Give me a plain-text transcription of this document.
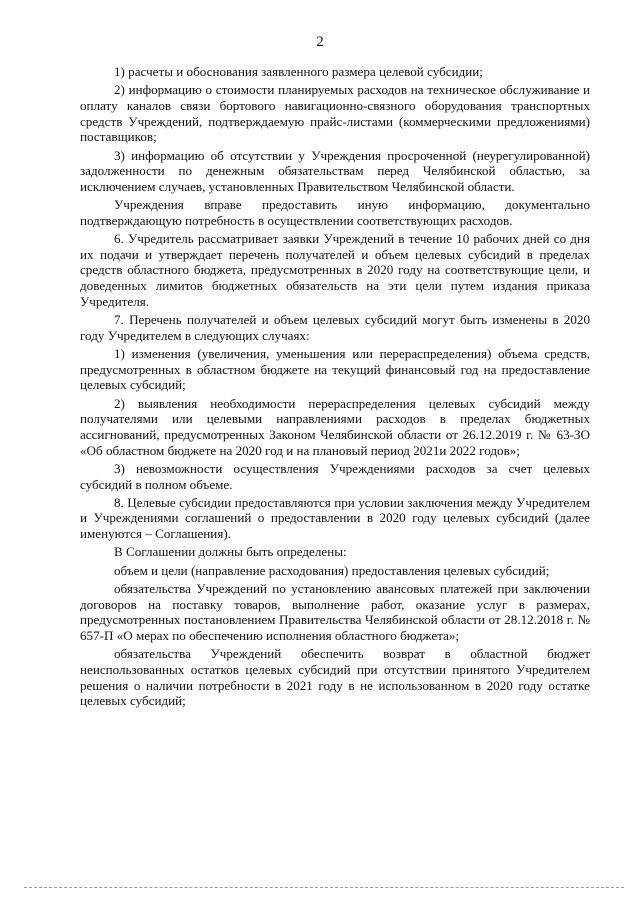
2

1) расчеты и обоснования заявленного размера целевой субсидии;

2) информацию о стоимости планируемых расходов на техническое обслуживание и оплату каналов связи бортового навигационно-связного оборудования транспортных средств Учреждений, подтверждаемую прайс-листами (коммерческими предложениями) поставщиков;

3) информацию об отсутствии у Учреждения просроченной (неурегулированной) задолженности по денежным обязательствам перед Челябинской областью, за исключением случаев, установленных Правительством Челябинской области.

Учреждения вправе предоставить иную информацию, документально подтверждающую потребность в осуществлении соответствующих расходов.

6. Учредитель рассматривает заявки Учреждений в течение 10 рабочих дней со дня их подачи и утверждает перечень получателей и объем целевых субсидий в пределах средств областного бюджета, предусмотренных в 2020 году на соответствующие цели, и доведенных лимитов бюджетных обязательств на эти цели путем издания приказа Учредителя.

7. Перечень получателей и объем целевых субсидий могут быть изменены в 2020 году Учредителем в следующих случаях:

1) изменения (увеличения, уменьшения или перераспределения) объема средств, предусмотренных в областном бюджете на текущий финансовый год на предоставление целевых субсидий;

2) выявления необходимости перераспределения целевых субсидий между получателями или целевыми направлениями расходов в пределах бюджетных ассигнований, предусмотренных Законом Челябинской области от 26.12.2019 г. № 63-ЗО «Об областном бюджете на 2020 год и на плановый период 2021и 2022 годов»;

3) невозможности осуществления Учреждениями расходов за счет целевых субсидий в полном объеме.

8. Целевые субсидии предоставляются при условии заключения между Учредителем и Учреждениями соглашений о предоставлении в 2020 году целевых субсидий (далее именуются – Соглашения).

В Соглашении должны быть определены:

объем и цели (направление расходования) предоставления целевых субсидий;

обязательства Учреждений по установлению авансовых платежей при заключении договоров на поставку товаров, выполнение работ, оказание услуг в размерах, предусмотренных постановлением Правительства Челябинской области от 28.12.2018 г. № 657-П «О мерах по обеспечению исполнения областного бюджета»;

обязательства Учреждений обеспечить возврат в областной бюджет неиспользованных остатков целевых субсидий при отсутствии принятого Учредителем решения о наличии потребности в 2021 году в не использованном в 2020 году остатке целевых субсидий;
